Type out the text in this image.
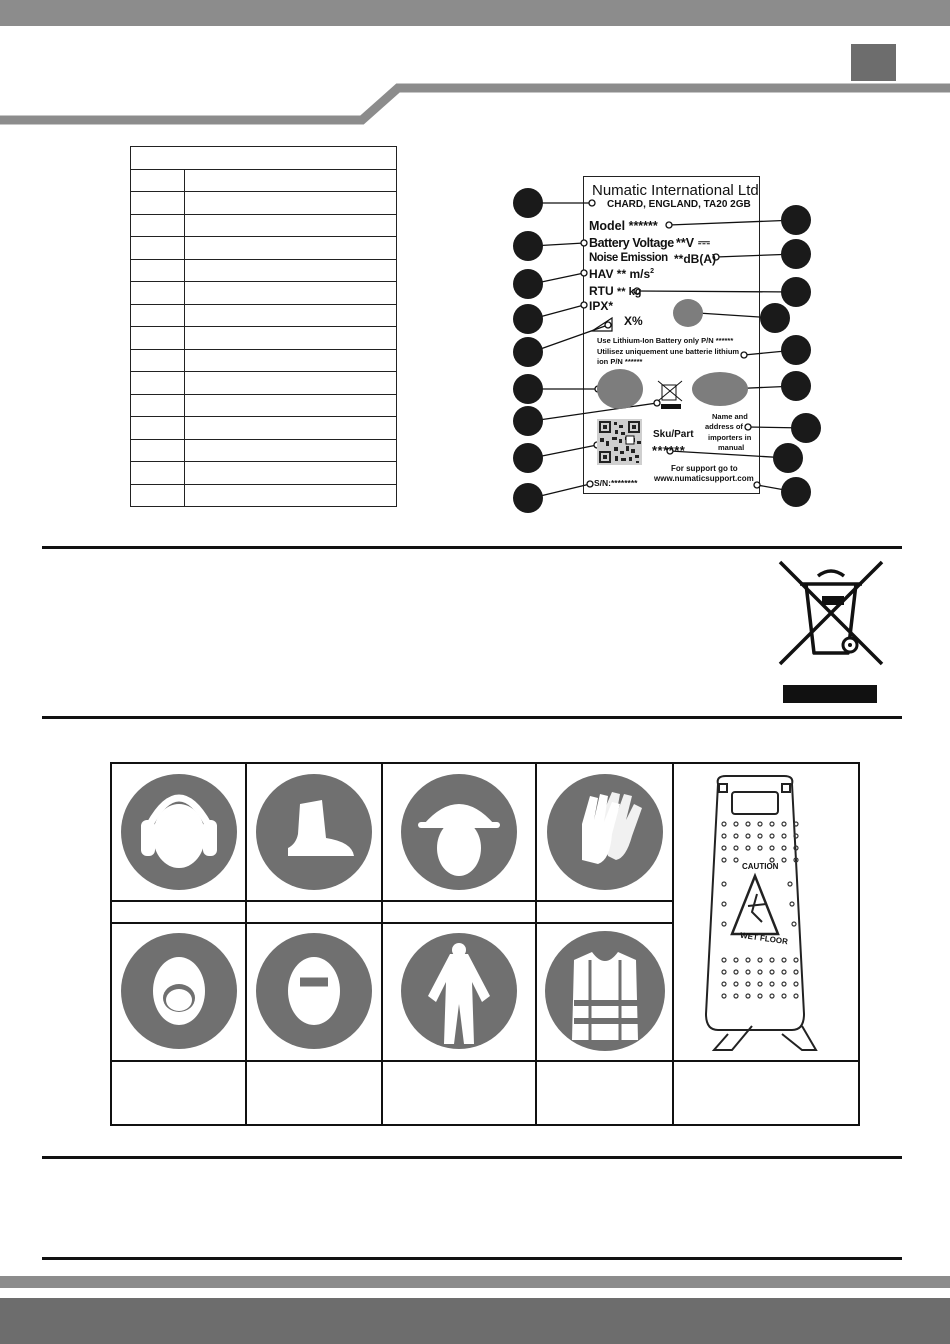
Numatic International Ltd
CHARD, ENGLAND, TA20 2GB
Model ******
Battery Voltage **V ⎓
Noise Emission **dB(A)
HAV ** $m/s^2$
RTU ** kg
IPX*
X%
Use Lithium-Ion Battery only P/N ******
Utilisez uniquement une batterie lithium
ion P/N ******
Name and
address of
importers in
manual
Sku/Part
******
For support go to
www.numaticsupport.com
S/N:********
CAUTION
WET FLOOR
